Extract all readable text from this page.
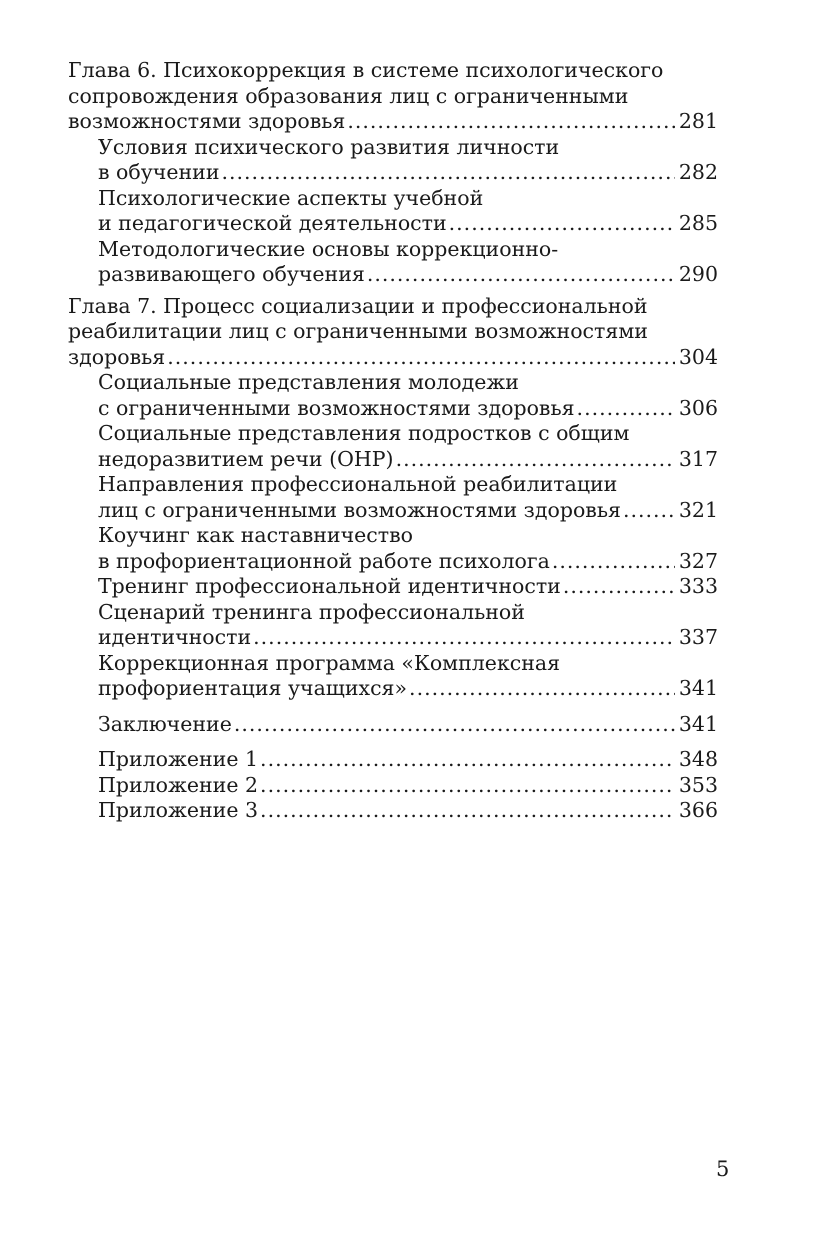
Глава 6. Психокоррекция в системе психологического
сопровождения образования лиц с ограниченными
возможностями здоровья .....	281
Условия психического развития личности
в обучении .....	282
Психологические аспекты учебной
и педагогической деятельности .....	285
Методологические основы коррекционно-
развивающего обучения .....	290
Глава 7. Процесс социализации и профессиональной
реабилитации лиц с ограниченными возможностями
здоровья .....	304
Социальные представления молодежи
с ограниченными возможностями здоровья .....	306
Социальные представления подростков с общим
недоразвитием речи (ОНР) .....	317
Направления профессиональной реабилитации
лиц с ограниченными возможностями здоровья .....	321
Коучинг как наставничество
в профориентационной работе психолога .....	327
Тренинг профессиональной идентичности .....	333
Сценарий тренинга профессиональной
идентичности .....	337
Коррекционная программа «Комплексная
профориентация учащихся» .....	341
Заключение .....	341
Приложение 1 .....	348
Приложение 2 .....	353
Приложение 3 .....	366
5
